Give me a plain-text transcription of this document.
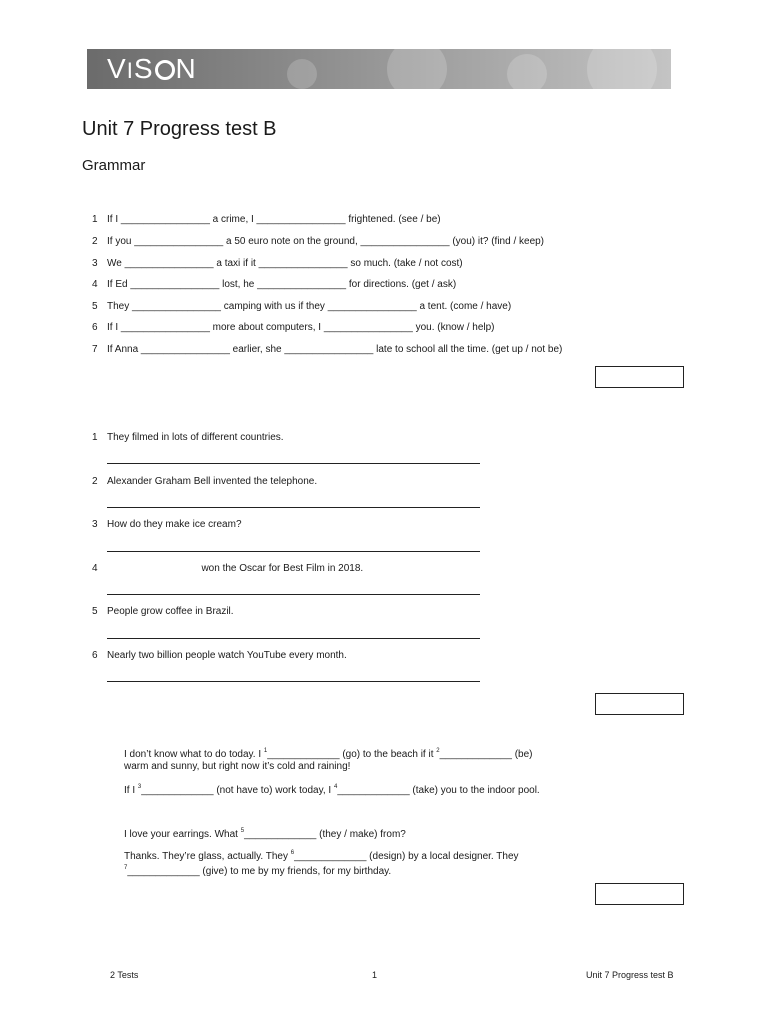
VIS N
Unit 7 Progress test B
Grammar
1 If I ________________ a crime, I ________________ frightened. (see / be)
2 If you ________________ a 50 euro note on the ground, ________________ (you) it? (find / keep)
3 We ________________ a taxi if it ________________ so much. (take / not cost)
4 If Ed ________________ lost, he ________________ for directions. (get / ask)
5 They ________________ camping with us if they ________________ a tent. (come / have)
6 If I ________________ more about computers, I ________________ you. (know / help)
7 If Anna ________________ earlier, she ________________ late to school all the time. (get up / not be)
1 They filmed in lots of different countries.
2 Alexander Graham Bell invented the telephone.
3 How do they make ice cream?
4 won the Oscar for Best Film in 2018.
5 People grow coffee in Brazil.
6 Nearly two billion people watch YouTube every month.
I don’t know what to do today. I $^1$_____________ (go) to the beach if it $^2$_____________ (be)
warm and sunny, but right now it’s cold and raining!
If I $^3$_____________ (not have to) work today, I $^4$_____________ (take) you to the indoor pool.
I love your earrings. What $^5$_____________ (they / make) from?
Thanks. They’re glass, actually. They $^6$_____________ (design) by a local designer. They
$^7$_____________ (give) to me by my friends, for my birthday.
2 Tests	1	Unit 7 Progress test B
